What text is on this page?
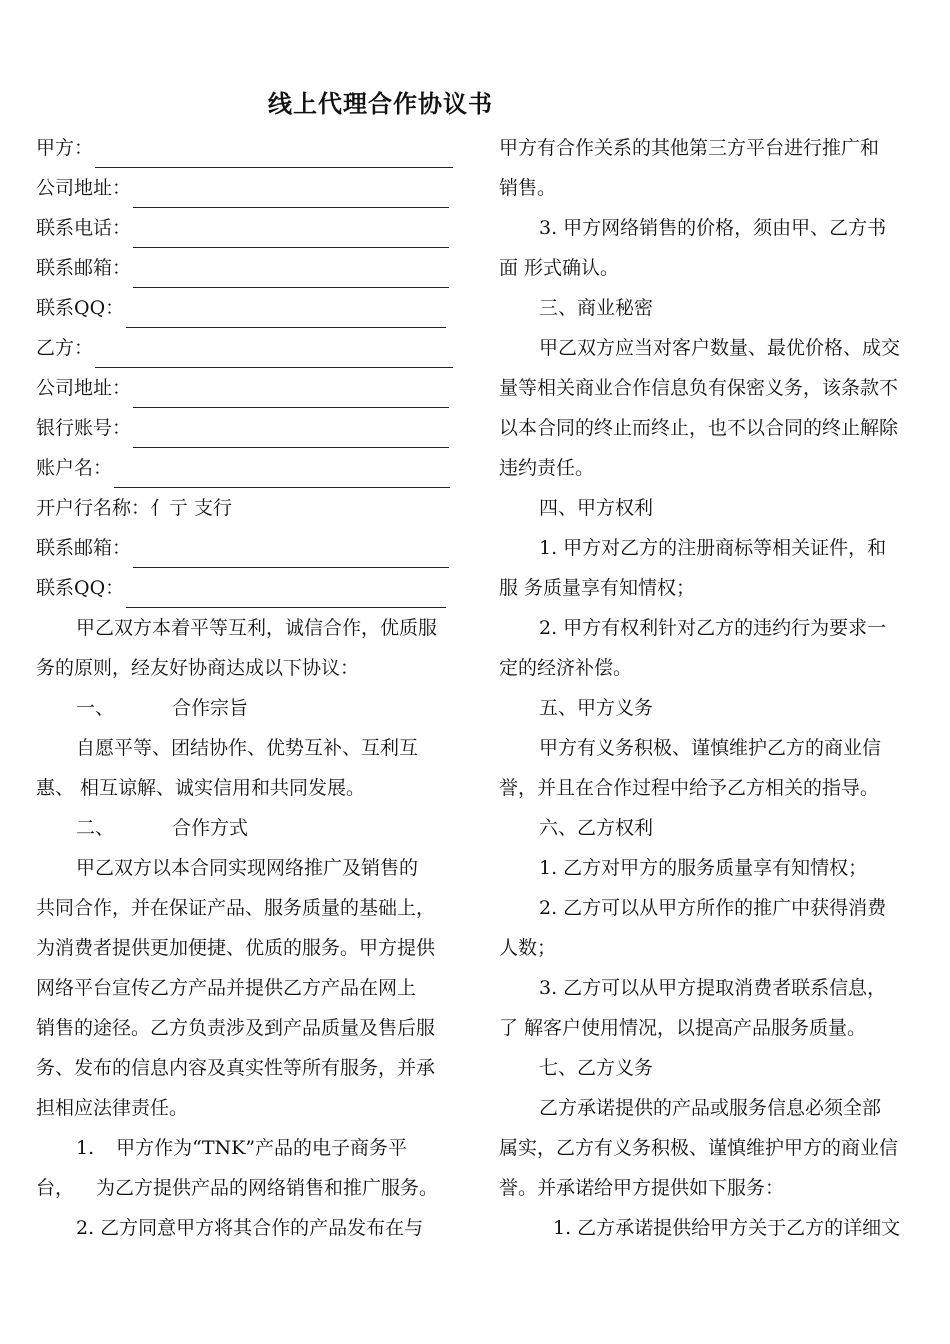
线上代理合作协议书
甲方：
公司地址：
联系电话：
联系邮箱：
联系QQ：
乙方：
公司地址：
银行账号：
账户名：
开户行名称：亻亍 支行
联系邮箱：
联系QQ：
甲乙双方本着平等互利，诚信合作，优质服
务的原则，经友好协商达成以下协议：
一、	合作宗旨
自愿平等、团结协作、优势互补、互利互
惠、 相互谅解、诚实信用和共同发展。
二、	合作方式
甲乙双方以本合同实现网络推广及销售的
共同合作，并在保证产品、服务质量的基础上，
为消费者提供更加便捷、优质的服务。甲方提供
网络平台宣传乙方产品并提供乙方产品在网上
销售的途径。乙方负责涉及到产品质量及售后服
务、发布的信息内容及真实性等所有服务，并承
担相应法律责任。
1. 甲方作为“TNK”产品的电子商务平
台， 为乙方提供产品的网络销售和推广服务。
2. 乙方同意甲方将其合作的产品发布在与
甲方有合作关系的其他第三方平台进行推广和
销售。
3. 甲方网络销售的价格，须由甲、乙方书
面 形式确认。
三、商业秘密
甲乙双方应当对客户数量、最优价格、成交
量等相关商业合作信息负有保密义务，该条款不
以本合同的终止而终止，也不以合同的终止解除
违约责任。
四、甲方权利
1. 甲方对乙方的注册商标等相关证件，和
服 务质量享有知情权；
2. 甲方有权利针对乙方的违约行为要求一
定的经济补偿。
五、甲方义务
甲方有义务积极、谨慎维护乙方的商业信
誉，并且在合作过程中给予乙方相关的指导。
六、乙方权利
1. 乙方对甲方的服务质量享有知情权；
2. 乙方可以从甲方所作的推广中获得消费
人数；
3. 乙方可以从甲方提取消费者联系信息，
了 解客户使用情况，以提高产品服务质量。
七、乙方义务
乙方承诺提供的产品或服务信息必须全部
属实，乙方有义务积极、谨慎维护甲方的商业信
誉。并承诺给甲方提供如下服务：
1. 乙方承诺提供给甲方关于乙方的详细文
